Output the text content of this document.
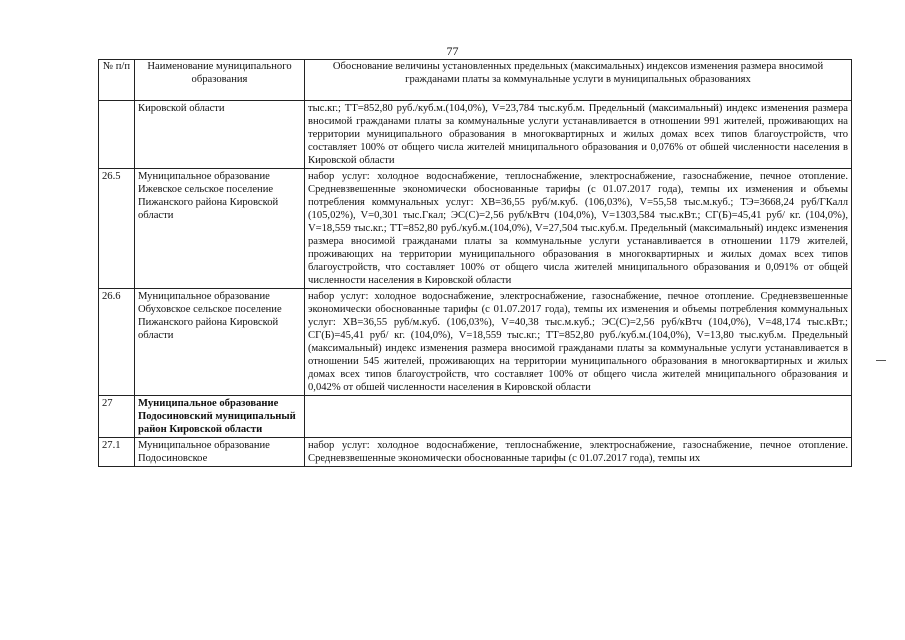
77
№ п/п	Наименование муниципального образования	Обоснование величины установленных предельных (максимальных) индексов изменения размера вносимой гражданами платы за коммунальные услуги в муниципальных образованиях
	Кировской области	тыс.кг.; ТТ=852,80 руб./куб.м.(104,0%), V=23,784 тыс.куб.м. Предельный (максимальный) индекс изменения размера вносимой гражданами платы за коммунальные услуги устанавливается в отношении 991 жителей, проживающих на территории муниципального образования в многоквартирных и жилых домах всех типов благоустройств, что составляет 100% от общего числа жителей мниципального образования и 0,076% от обшей численности населения в Кировской области
26.5	Муниципальное образование Ижевское сельское поселение Пижанского района Кировской области	набор услуг: холодное водоснабжение, теплоснабжение, электроснабжение, газоснабжение, печное отопление. Средневзвешенные экономически обоснованные тарифы (с 01.07.2017 года), темпы их изменения и объемы потребления коммунальных услуг: ХВ=36,55 руб/м.куб. (106,03%), V=55,58 тыс.м.куб.; ТЭ=3668,24 руб/ГКалл (105,02%), V=0,301 тыс.Гкал; ЭС(С)=2,56 руб/кВтч (104,0%), V=1303,584 тыс.кВт.; СГ(Б)=45,41 руб/ кг. (104,0%), V=18,559 тыс.кг.; ТТ=852,80 руб./куб.м.(104,0%), V=27,504 тыс.куб.м. Предельный (максимальный) индекс изменения размера вносимой гражданами платы за коммунальные услуги устанавливается в отношении 1179 жителей, проживающих на территории муниципального образования в многоквартирных и жилых домах всех типов благоустройств, что составляет 100% от общего числа жителей мниципального образования и 0,091% от общей численности населения в Кировской области
26.6	Муниципальное образование Обуховское сельское поселение Пижанского района Кировской области	набор услуг: холодное водоснабжение, электроснабжение, газоснабжение, печное отопление. Средневзвешенные экономически обоснованные тарифы (с 01.07.2017 года), темпы их изменения и объемы потребления коммунальных услуг: ХВ=36,55 руб/м.куб. (106,03%), V=40,38 тыс.м.куб.; ЭС(С)=2,56 руб/кВтч (104,0%), V=48,174 тыс.кВт.; СГ(Б)=45,41 руб/ кг. (104,0%), V=18,559 тыс.кг.; ТТ=852,80 руб./куб.м.(104,0%), V=13,80 тыс.куб.м. Предельный (максимальный) индекс изменения размера вносимой гражданами платы за коммунальные услуги устанавливается в отношении 545 жителей, проживающих на территории муниципального образования в многоквартирных и жилых домах всех типов благоустройств, что составляет 100% от общего числа жителей мниципального образования и 0,042% от обшей численности населения в Кировской области
27	Муниципальное образование Подосиновский муниципальный район Кировской области	
27.1	Муниципальное образование Подосиновское	набор услуг: холодное водоснабжение, теплоснабжение, электроснабжение, газоснабжение, печное отопление. Средневзвешенные экономически обоснованные тарифы (с 01.07.2017 года), темпы их
